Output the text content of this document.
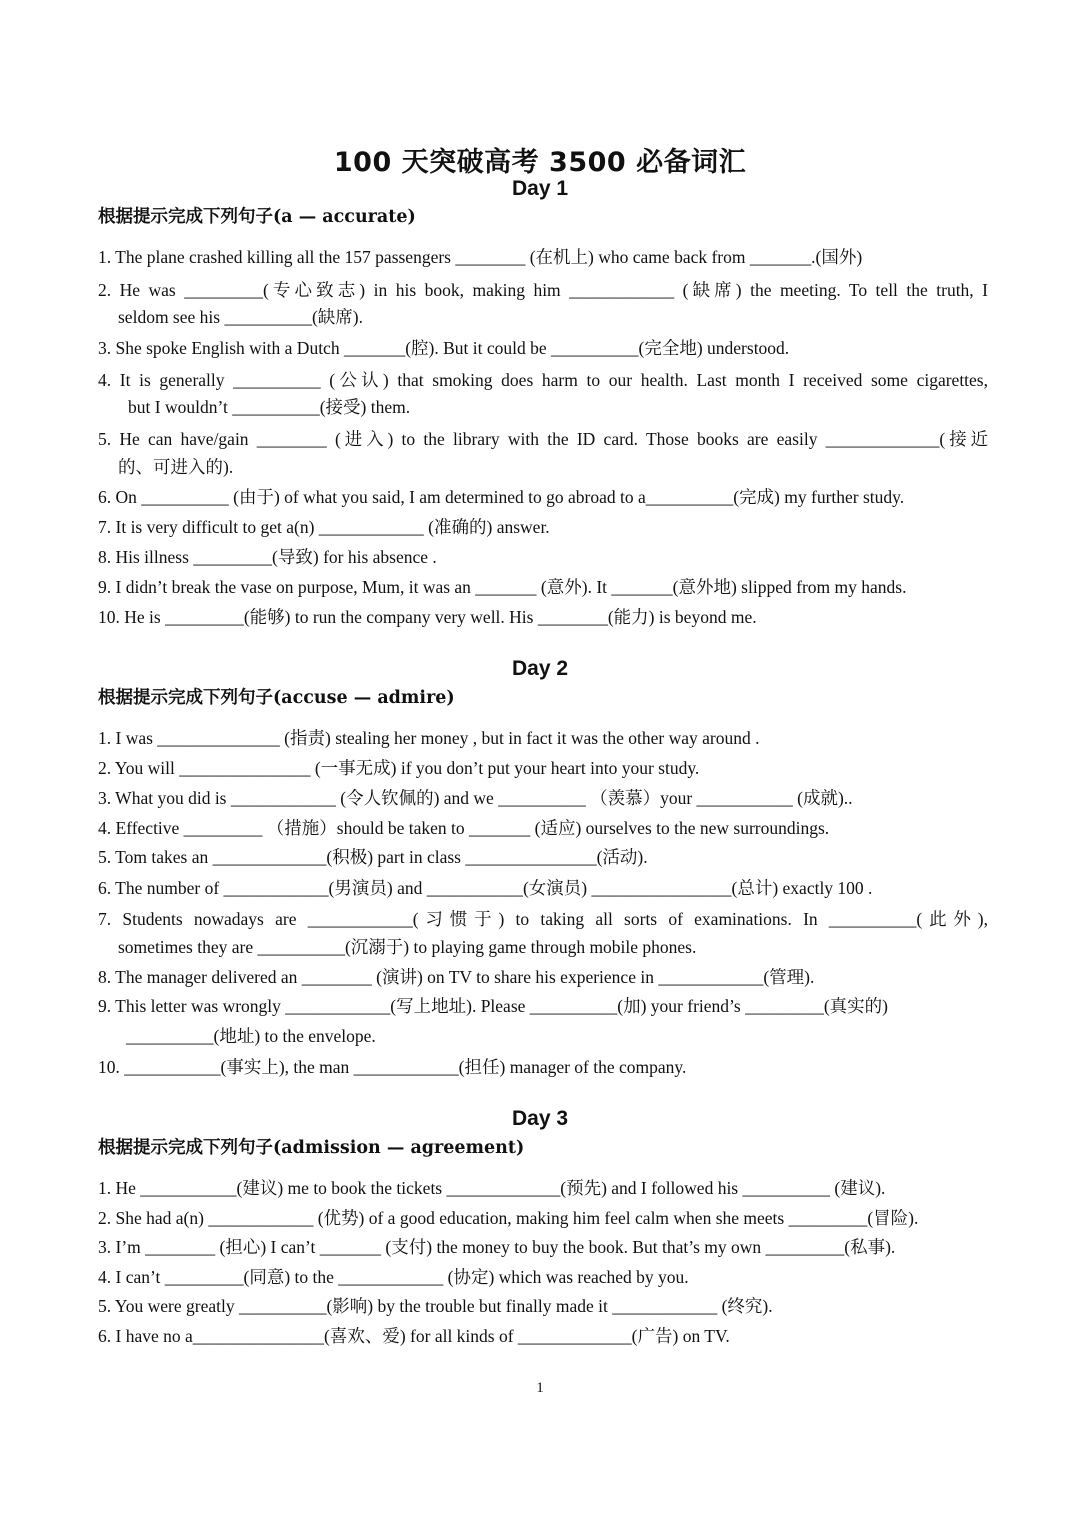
100 天突破高考 3500 必备词汇
Day 1
根据提示完成下列句子(a — accurate)
1. The plane crashed killing all the 157 passengers ________ (在机上) who came back from _______.(国外)
2. He was _________(专心致志) in his book, making him ____________ (缺席) the meeting. To tell the truth, I
seldom see his __________(缺席).
3. She spoke English with a Dutch _______(腔). But it could be __________(完全地) understood.
4. It is generally __________ (公认) that smoking does harm to our health. Last month I received some cigarettes,
but I wouldn’t __________(接受) them.
5. He can have/gain ________ (进入) to the library with the ID card. Those books are easily _____________(接近
的、可进入的).
6. On __________ (由于) of what you said, I am determined to go abroad to a__________(完成) my further study.
7. It is very difficult to get a(n) ____________ (准确的) answer.
8. His illness _________(导致) for his absence .
9. I didn’t break the vase on purpose, Mum, it was an _______ (意外). It _______(意外地) slipped from my hands.
10. He is _________(能够) to run the company very well. His ________(能力) is beyond me.
Day 2
根据提示完成下列句子(accuse — admire)
1. I was ______________ (指责) stealing her money , but in fact it was the other way around .
2. You will _______________ (一事无成) if you don’t put your heart into your study.
3. What you did is ____________ (令人钦佩的) and we __________ （羡慕）your ___________ (成就)..
4. Effective _________ （措施）should be taken to _______ (适应) ourselves to the new surroundings.
5. Tom takes an _____________(积极) part in class _______________(活动).
6. The number of ____________(男演员) and ___________(女演员) ________________(总计) exactly 100 .
7. Students nowadays are ____________(习惯于) to taking all sorts of examinations. In __________(此外),
sometimes they are __________(沉溺于) to playing game through mobile phones.
8. The manager delivered an ________ (演讲) on TV to share his experience in ____________(管理).
9. This letter was wrongly ____________(写上地址). Please __________(加) your friend’s _________(真实的)
__________(地址) to the envelope.
10. ___________(事实上), the man ____________(担任) manager of the company.
Day 3
根据提示完成下列句子(admission — agreement)
1. He ___________(建议) me to book the tickets _____________(预先) and I followed his __________ (建议).
2. She had a(n) ____________ (优势) of a good education, making him feel calm when she meets _________(冒险).
3. I’m ________ (担心) I can’t _______ (支付) the money to buy the book. But that’s my own _________(私事).
4. I can’t _________(同意) to the ____________ (协定) which was reached by you.
5. You were greatly __________(影响) by the trouble but finally made it ____________ (终究).
6. I have no a_______________(喜欢、爱) for all kinds of _____________(广告) on TV.
1
